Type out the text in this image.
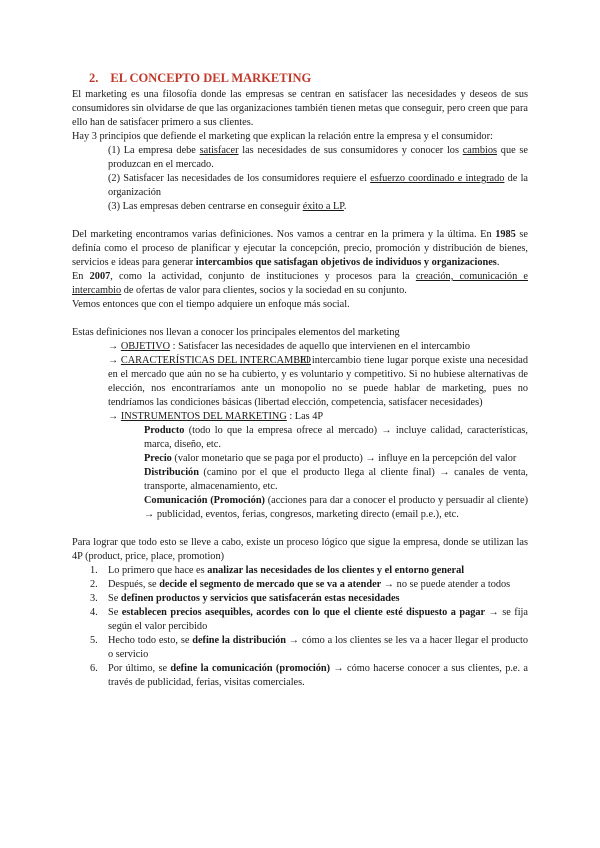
2. EL CONCEPTO DEL MARKETING

El marketing es una filosofía donde las empresas se centran en satisfacer las necesidades y deseos de sus consumidores sin olvidarse de que las organizaciones también tienen metas que conseguir, pero creen que para ello han de satisfacer primero a sus clientes.

Hay 3 principios que defiende el marketing que explican la relación entre la empresa y el consumidor:

(1) La empresa debe satisfacer las necesidades de sus consumidores y conocer los cambios que se produzcan en el mercado.
(2) Satisfacer las necesidades de los consumidores requiere el esfuerzo coordinado e integrado de la organización
(3) Las empresas deben centrarse en conseguir éxito a LP.

Del marketing encontramos varias definiciones. Nos vamos a centrar en la primera y la última. En 1985 se definía como el proceso de planificar y ejecutar la concepción, precio, promoción y distribución de bienes, servicios e ideas para generar intercambios que satisfagan objetivos de individuos y organizaciones.

En 2007, como la actividad, conjunto de instituciones y procesos para la creación, comunicación e intercambio de ofertas de valor para clientes, socios y la sociedad en su conjunto.

Vemos entonces que con el tiempo adquiere un enfoque más social.

Estas definiciones nos llevan a conocer los principales elementos del marketing

→ OBJETIVO : Satisfacer las necesidades de aquello que intervienen en el intercambio
→ CARACTERÍSTICAS DEL INTERCAMBIO
: El intercambio tiene lugar porque existe una necesidad en el mercado que aún no se ha cubierto, y es voluntario y competitivo. Si no hubiese alternativas de elección, nos encontraríamos ante un monopolio no se puede hablar de marketing, pues no tendríamos las condiciones básicas (libertad elección, competencia, satisfacer necesidades)
→ INSTRUMENTOS DEL MARKETING : Las 4P
Producto (todo lo que la empresa ofrece al mercado) → incluye calidad, características, marca, diseño, etc.
Precio (valor monetario que se paga por el producto) → influye en la percepción del valor
Distribución (camino por el que el producto llega al cliente final) → canales de venta, transporte, almacenamiento, etc.
Comunicación (Promoción) (acciones para dar a conocer el producto y persuadir al cliente) → publicidad, eventos, ferias, congresos, marketing directo (email p.e.), etc.

Para lograr que todo esto se lleve a cabo, existe un proceso lógico que sigue la empresa, donde se utilizan las 4P (product, price, place, promotion)

1. Lo primero que hace es analizar las necesidades de los clientes y el entorno general
2. Después, se decide el segmento de mercado que se va a atender → no se puede atender a todos
3. Se definen productos y servicios que satisfacerán estas necesidades
4. Se establecen precios asequibles, acordes con lo que el cliente esté dispuesto a pagar → se fija según el valor percibido
5. Hecho todo esto, se define la distribución → cómo a los clientes se les va a hacer llegar el producto o servicio
6. Por último, se define la comunicación (promoción) → cómo hacerse conocer a sus clientes, p.e. a través de publicidad, ferias, visitas comerciales.
